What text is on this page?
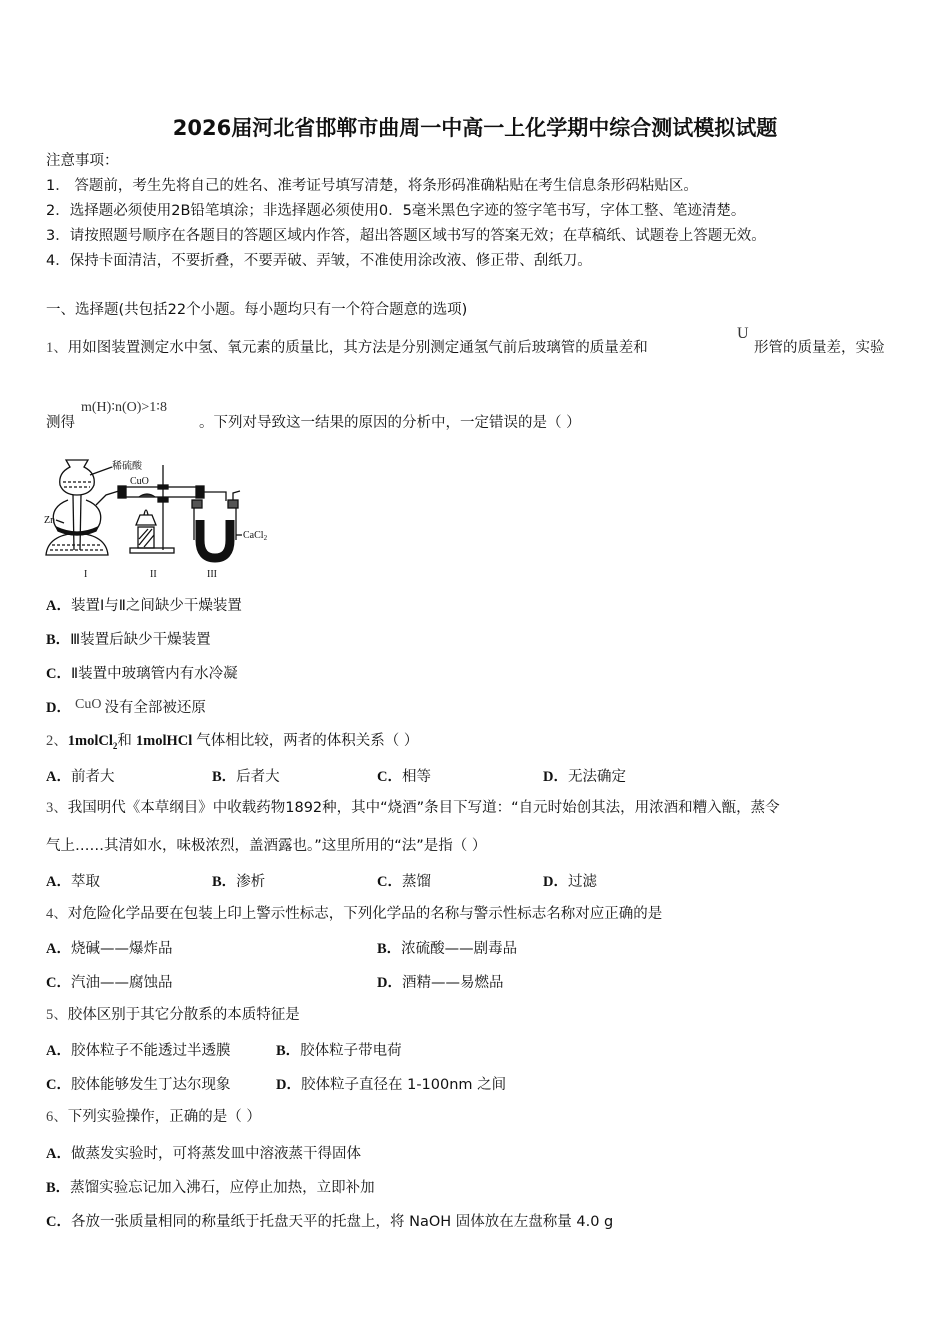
2026届河北省邯郸市曲周一中高一上化学期中综合测试模拟试题
注意事项：
1． 答题前，考生先将自己的姓名、准考证号填写清楚，将条形码准确粘贴在考生信息条形码粘贴区。
2．选择题必须使用2B铅笔填涂；非选择题必须使用0．5毫米黑色字迹的签字笔书写，字体工整、笔迹清楚。
3．请按照题号顺序在各题目的答题区域内作答，超出答题区域书写的答案无效；在草稿纸、试题卷上答题无效。
4．保持卡面清洁，不要折叠，不要弄破、弄皱，不准使用涂改液、修正带、刮纸刀。
一、选择题(共包括22个小题。每小题均只有一个符合题意的选项)
1、用如图装置测定水中氢、氧元素的质量比，其方法是分别测定通氢气前后玻璃管的质量差和
U
形管的质量差，实验
测得
m(H)∶n(O)>1∶8
。下列对导致这一结果的原因的分析中，一定错误的是（ ）
稀硫酸
CuO
Zn
CaCl$_2$
I	II	III
A．装置Ⅰ与Ⅱ之间缺少干燥装置
B．Ⅲ装置后缺少干燥装置
C．Ⅱ装置中玻璃管内有水冷凝
D． CuO 没有全部被还原
2、1molCl$_2$和 1molHCl 气体相比较，两者的体积关系（ ）
A．前者大	B．后者大	C．相等	D．无法确定
3、我国明代《本草纲目》中收载药物1892种，其中“烧酒”条目下写道：“自元时始创其法，用浓酒和糟入甑，蒸令
气上……其清如水，味极浓烈，盖酒露也。”这里所用的“法”是指（ ）
A．萃取	B．渗析	C．蒸馏	D．过滤
4、对危险化学品要在包装上印上警示性标志，下列化学品的名称与警示性标志名称对应正确的是
A．烧碱——爆炸品	B．浓硫酸——剧毒品
C．汽油——腐蚀品	D．酒精——易燃品
5、胶体区别于其它分散系的本质特征是
A．胶体粒子不能透过半透膜	B．胶体粒子带电荷
C．胶体能够发生丁达尔现象	D．胶体粒子直径在 1-100nm 之间
6、下列实验操作，正确的是（ ）
A．做蒸发实验时，可将蒸发皿中溶液蒸干得固体
B．蒸馏实验忘记加入沸石，应停止加热，立即补加
C．各放一张质量相同的称量纸于托盘天平的托盘上，将 NaOH 固体放在左盘称量 4.0 g
